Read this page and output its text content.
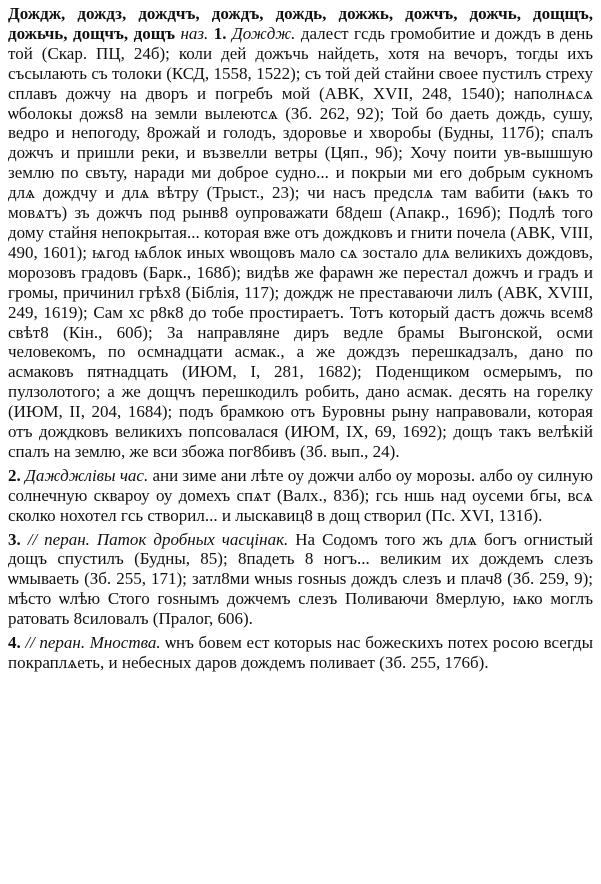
Дождж, дождз, дождчъ, дождъ, дождь, дожжь, дожчъ, дожчь, дощщъ, дожьчь, дощчъ, дощъ наз. 1. Дождж. далест гсдь громобитие и дождъ в день той (Скар. ПЦ, 24б); коли дей дожъчь найдеть, хотя на вечоръ, тогды ихъ съсылають съ толоки (КСД, 1558, 1522); съ той дей стайни своее пустилъ стреху сплавъ дожчу на дворъ и погребъ мой (АВК, XVII, 248, 1540); наполнѧсѧ ѡболокы дожѕ8 на земли вылеютсѧ (Зб. 262, 92); Той бо даеть дождь, сушу, ведро и непогоду, 8рожай и голодъ, здоровье и хворобы (Будны, 117б); спалъ дожчъ и пришли реки, и възвелли ветры (Цяп., 9б); Хочу поити ув-вышшую землю по свъту, наради ми доброе судно... и покрыи ми его добрым сукномъ длѧ дождчу и длѧ вѣтру (Трыст., 23); чи насъ предслѧ там вабити (ѩкъ то мовѧтъ) зъ дожчъ под рынв8 оупроважати б8деш (Апакр., 169б); Подлѣ того дому стайня непокрытая... которая вже отъ дождковъ и гнити почела (АВК, VIII, 490, 1601); ѩгод ѩблок иных ѡвощовъ мало сѧ зостало длѧ великихъ дождовъ, морозовъ градовъ (Барк., 168б); видѣв же фараѡн же перестал дожчъ и градъ и громы, причинил грѣх8 (Біблія, 117); дождж не преставаючи лилъ (АВК, XVIII, 249, 1619); Сам хс р8к8 до тобе простираетъ. Тотъ который дастъ дожчь всем8 свѣт8 (Кін., 60б); За направляне диръ ведле брамы Выгонской, осми человекомъ, по осмнадцати асмак., а же дождзъ перешкадзалъ, дано по асмаковъ пятнадцать (ИЮМ, I, 281, 1682); Поденщиком осмерымъ, по пулзолотого; а же дощчъ перешкодилъ робить, дано асмак. десять на горелку (ИЮМ, II, 204, 1684); подъ брамкою отъ Буровны рыну направовали, которая отъ дождковъ великихъ попсовалася (ИЮМ, IX, 69, 1692); дощъ такъ велѣкій спалъ на землю, же вси збожа пог8бивъ (Зб. вып., 24).

2. Дажджлівы час. ани зиме ани лѣте оу дожчи албо оу морозы. албо оу силную солнечную сквароу оу домехъ спѧт (Валх., 83б); гсь ншь над оусеми бгы, всѧ сколко нохотел гсь створил... и лыскавиц8 в дощ створил (Пс. XVI, 131б).

3. // перан. Паток дробных часцінак. На Содомъ того жъ длѧ богъ огнистый дощъ спустилъ (Будны, 85); 8падеть 8 ногъ... великим их дождемъ слезъ ѡмываеть (Зб. 255, 171); затл8ми ѡныѕ гоѕныѕ дождъ слезъ и плач8 (Зб. 259, 9); мѣсто ѡлѣю Стого гоѕнымъ дожчемъ слезъ Поливаючи 8мерлую, ѩко моглъ ратовать 8силовалъ (Пралог, 606).

4. // перан. Мноства. ѡнъ бовем ест которыѕ нас божескихъ потех росою всегды покраплѧеть, и небесных даров дождемъ поливает (Зб. 255, 176б).
